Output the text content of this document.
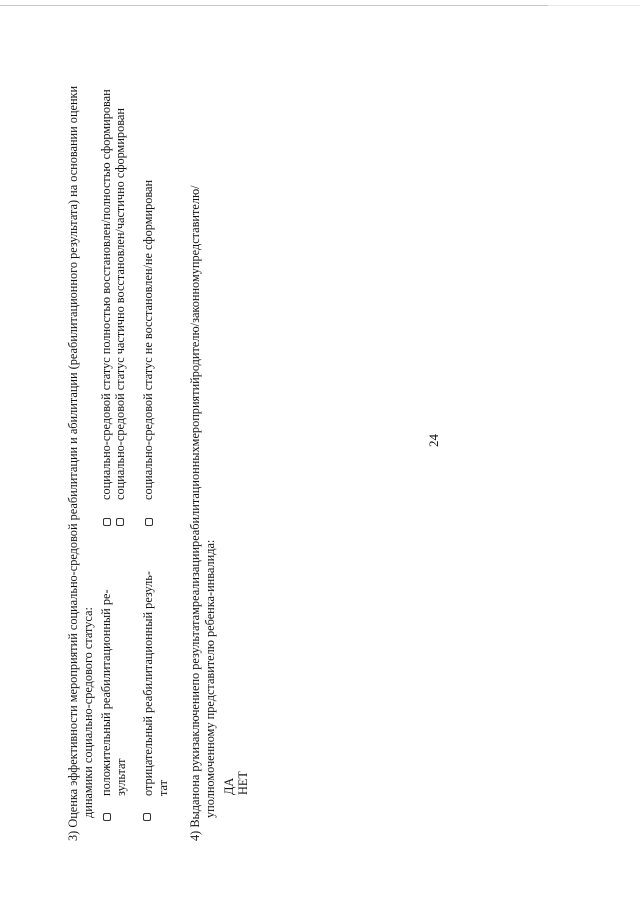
24
3) Оценка эффективности мероприятий социально-средовой реабилитации и абилитации (реабилитационного результата) на основании оценки динамики социально-средового статуса: положительный реабилитационный ре- зультат
социально-средовой статус полностью восстановлен/полностью сформирован социально-средовой статус частично восстановлен/частично сформирован
отрицательный реабилитационный резуль- тат
социально-средовой статус не восстановлен/не сформирован
4) Выдано
на руки
заключение
по результатам
реализации
реабилитационных
мероприятий
родителю/законному
представителю/
уполномоченному представителю ребенка-инвалида: ДА НЕТ
